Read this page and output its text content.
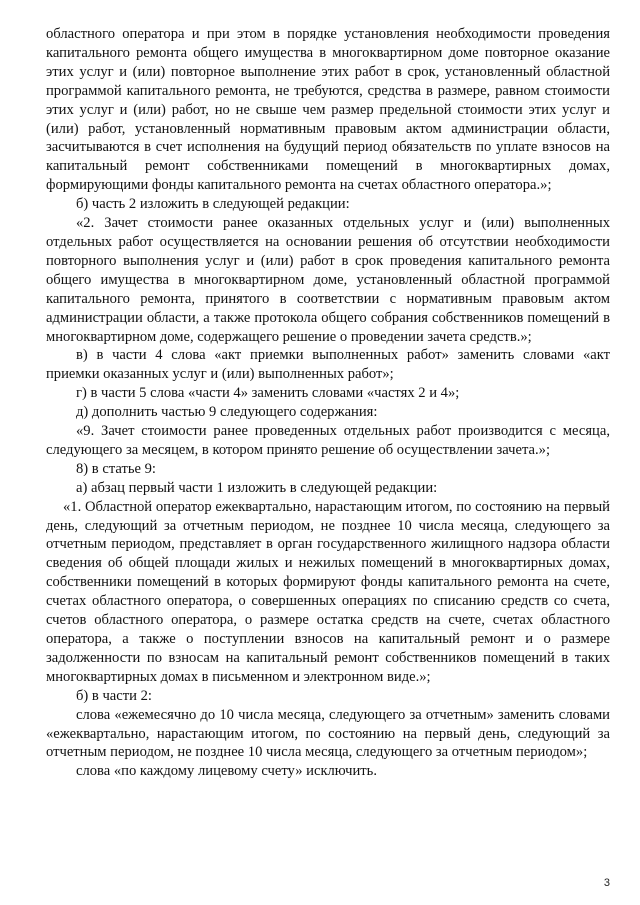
областного оператора и при этом в порядке установления необходимости проведения капитального ремонта общего имущества в многоквартирном доме повторное оказание этих услуг и (или) повторное выполнение этих работ в срок, установленный областной программой капитального ремонта, не требуются, средства в размере, равном стоимости этих услуг и (или) работ, но не свыше чем размер предельной стоимости этих услуг и (или) работ, установленный нормативным правовым актом администрации области, засчитываются в счет исполнения на будущий период обязательств по уплате взносов на капитальный ремонт собственниками помещений в многоквартирных домах, формирующими фонды капитального ремонта на счетах областного оператора.»;

б) часть 2 изложить в следующей редакции:

«2. Зачет стоимости ранее оказанных отдельных услуг и (или) выполненных отдельных работ осуществляется на основании решения об отсутствии необходимости повторного выполнения услуг и (или) работ в срок проведения капитального ремонта общего имущества в многоквартирном доме, установленный областной программой капитального ремонта, принятого в соответствии с нормативным правовым актом администрации области, а также протокола общего собрания собственников помещений в многоквартирном доме, содержащего решение о проведении зачета средств.»;

в) в части 4 слова «акт приемки выполненных работ» заменить словами «акт приемки оказанных услуг и (или) выполненных работ»;

г) в части 5 слова «части 4» заменить словами «частях 2 и 4»;

д) дополнить частью 9 следующего содержания:

«9. Зачет стоимости ранее проведенных отдельных работ производится с месяца, следующего за месяцем, в котором принято решение об осуществлении зачета.»;

8) в статье 9:

а) абзац первый части 1 изложить в следующей редакции:

«1. Областной оператор ежеквартально, нарастающим итогом, по состоянию на первый день, следующий за отчетным периодом, не позднее 10 числа месяца, следующего за отчетным периодом, представляет в орган государственного жилищного надзора области сведения об общей площади жилых и нежилых помещений в многоквартирных домах, собственники помещений в которых формируют фонды капитального ремонта на счете, счетах областного оператора, о совершенных операциях по списанию средств со счета, счетов областного оператора, о размере остатка средств на счете, счетах областного оператора, а также о поступлении взносов на капитальный ремонт и о размере задолженности по взносам на капитальный ремонт собственников помещений в таких многоквартирных домах в письменном и электронном виде.»;

б) в части 2:

слова «ежемесячно до 10 числа месяца, следующего за отчетным» заменить словами «ежеквартально, нарастающим итогом, по состоянию на первый день, следующий за отчетным периодом, не позднее 10 числа месяца, следующего за отчетным периодом»;

слова «по каждому лицевому счету» исключить.

3
